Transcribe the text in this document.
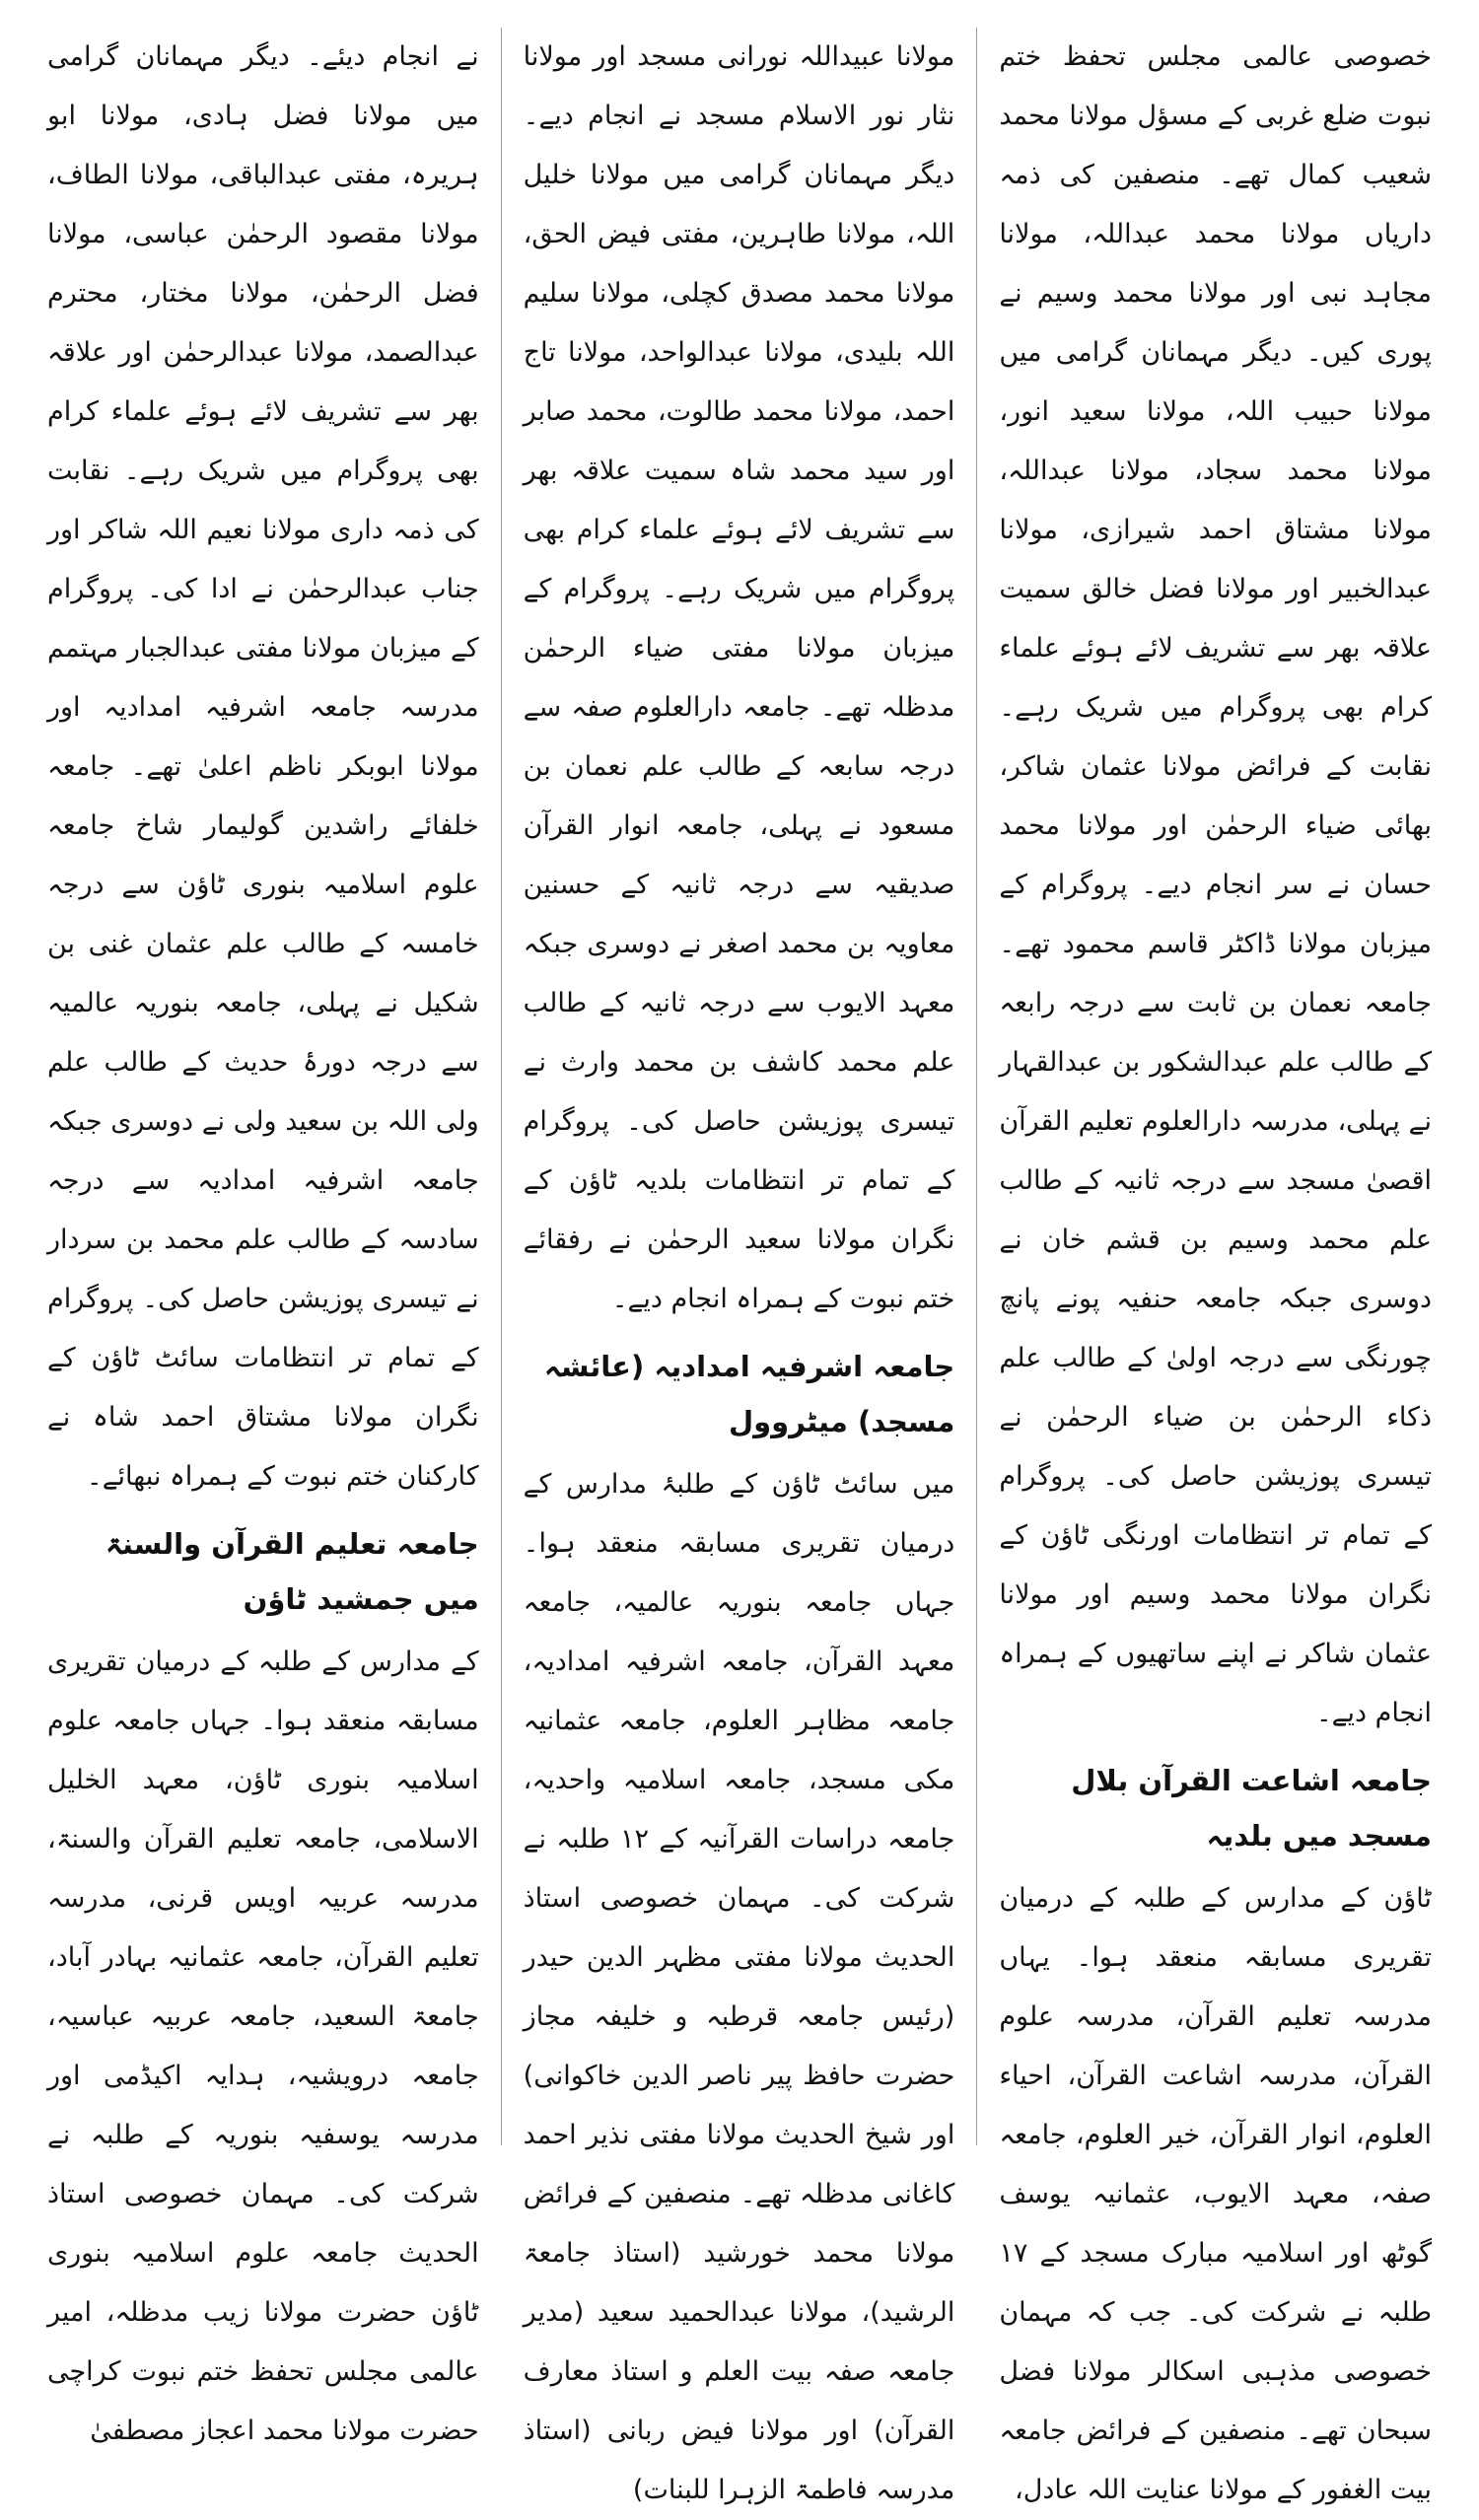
خصوصی عالمی مجلس تحفظ ختم نبوت ضلع غربی کے مسؤل مولانا محمد شعیب کمال تھے۔ منصفین کی ذمہ داریاں مولانا محمد عبداللہ، مولانا مجاہد نبی اور مولانا محمد وسیم نے پوری کیں۔ دیگر مہمانان گرامی میں مولانا حبیب اللہ، مولانا سعید انور، مولانا محمد سجاد، مولانا عبداللہ، مولانا مشتاق احمد شیرازی، مولانا عبدالخبیر اور مولانا فضل خالق سمیت علاقہ بھر سے تشریف لائے ہوئے علماء کرام بھی پروگرام میں شریک رہے۔ نقابت کے فرائض مولانا عثمان شاکر، بھائی ضیاء الرحمٰن اور مولانا محمد حسان نے سر انجام دیے۔ پروگرام کے میزبان مولانا ڈاکٹر قاسم محمود تھے۔ جامعہ نعمان بن ثابت سے درجہ رابعہ کے طالب علم عبدالشکور بن عبدالقہار نے پہلی، مدرسہ دارالعلوم تعلیم القرآن اقصیٰ مسجد سے درجہ ثانیہ کے طالب علم محمد وسیم بن قشم خان نے دوسری جبکہ جامعہ حنفیہ پونے پانچ چورنگی سے درجہ اولیٰ کے طالب علم ذکاء الرحمٰن بن ضیاء الرحمٰن نے تیسری پوزیشن حاصل کی۔ پروگرام کے تمام تر انتظامات اورنگی ٹاؤن کے نگران مولانا محمد وسیم اور مولانا عثمان شاکر نے اپنے ساتھیوں کے ہمراہ انجام دیے۔

جامعہ اشاعت القرآن بلال مسجد میں بلدیہ

ٹاؤن کے مدارس کے طلبہ کے درمیان تقریری مسابقہ منعقد ہوا۔ یہاں مدرسہ تعلیم القرآن، مدرسہ علوم القرآن، مدرسہ اشاعت القرآن، احیاء العلوم، انوار القرآن، خیر العلوم، جامعہ صفہ، معہد الایوب، عثمانیہ یوسف گوٹھ اور اسلامیہ مبارک مسجد کے ۱۷ طلبہ نے شرکت کی۔ جب کہ مہمان خصوصی مذہبی اسکالر مولانا فضل سبحان تھے۔ منصفین کے فرائض جامعہ بیت الغفور کے مولانا عنایت اللہ عادل،

مولانا عبیداللہ نورانی مسجد اور مولانا نثار نور الاسلام مسجد نے انجام دیے۔ دیگر مہمانان گرامی میں مولانا خلیل اللہ، مولانا طاہرین، مفتی فیض الحق، مولانا محمد مصدق کچلی، مولانا سلیم اللہ بلیدی، مولانا عبدالواحد، مولانا تاج احمد، مولانا محمد طالوت، محمد صابر اور سید محمد شاہ سمیت علاقہ بھر سے تشریف لائے ہوئے علماء کرام بھی پروگرام میں شریک رہے۔ پروگرام کے میزبان مولانا مفتی ضیاء الرحمٰن مدظلہ تھے۔ جامعہ دارالعلوم صفہ سے درجہ سابعہ کے طالب علم نعمان بن مسعود نے پہلی، جامعہ انوار القرآن صدیقیہ سے درجہ ثانیہ کے حسنین معاویہ بن محمد اصغر نے دوسری جبکہ معہد الایوب سے درجہ ثانیہ کے طالب علم محمد کاشف بن محمد وارث نے تیسری پوزیشن حاصل کی۔ پروگرام کے تمام تر انتظامات بلدیہ ٹاؤن کے نگران مولانا سعید الرحمٰن نے رفقائے ختم نبوت کے ہمراہ انجام دیے۔

جامعہ اشرفیہ امدادیہ (عائشہ مسجد) میٹروول

میں سائٹ ٹاؤن کے طلبۂ مدارس کے درمیان تقریری مسابقہ منعقد ہوا۔ جہاں جامعہ بنوریہ عالمیہ، جامعہ معہد القرآن، جامعہ اشرفیہ امدادیہ، جامعہ مظاہر العلوم، جامعہ عثمانیہ مکی مسجد، جامعہ اسلامیہ واحدیہ، جامعہ دراسات القرآنیہ کے ۱۲ طلبہ نے شرکت کی۔ مہمان خصوصی استاذ الحدیث مولانا مفتی مظہر الدین حیدر (رئیس جامعہ قرطبہ و خلیفہ مجاز حضرت حافظ پیر ناصر الدین خاکوانی) اور شیخ الحدیث مولانا مفتی نذیر احمد کاغانی مدظلہ تھے۔ منصفین کے فرائض مولانا محمد خورشید (استاذ جامعۃ الرشید)، مولانا عبدالحمید سعید (مدیر جامعہ صفہ بیت العلم و استاذ معارف القرآن) اور مولانا فیض ربانی (استاذ مدرسہ فاطمۃ الزہرا للبنات)

نے انجام دیئے۔ دیگر مہمانان گرامی میں مولانا فضل ہادی، مولانا ابو ہریرہ، مفتی عبدالباقی، مولانا الطاف، مولانا مقصود الرحمٰن عباسی، مولانا فضل الرحمٰن، مولانا مختار، محترم عبدالصمد، مولانا عبدالرحمٰن اور علاقہ بھر سے تشریف لائے ہوئے علماء کرام بھی پروگرام میں شریک رہے۔ نقابت کی ذمہ داری مولانا نعیم اللہ شاکر اور جناب عبدالرحمٰن نے ادا کی۔ پروگرام کے میزبان مولانا مفتی عبدالجبار مہتمم مدرسہ جامعہ اشرفیہ امدادیہ اور مولانا ابوبکر ناظم اعلیٰ تھے۔ جامعہ خلفائے راشدین گولیمار شاخ جامعہ علوم اسلامیہ بنوری ٹاؤن سے درجہ خامسہ کے طالب علم عثمان غنی بن شکیل نے پہلی، جامعہ بنوریہ عالمیہ سے درجہ دورۂ حدیث کے طالب علم ولی اللہ بن سعید ولی نے دوسری جبکہ جامعہ اشرفیہ امدادیہ سے درجہ سادسہ کے طالب علم محمد بن سردار نے تیسری پوزیشن حاصل کی۔ پروگرام کے تمام تر انتظامات سائٹ ٹاؤن کے نگران مولانا مشتاق احمد شاہ نے کارکنان ختم نبوت کے ہمراہ نبھائے۔

جامعہ تعلیم القرآن والسنۃ میں جمشید ٹاؤن

کے مدارس کے طلبہ کے درمیان تقریری مسابقہ منعقد ہوا۔ جہاں جامعہ علوم اسلامیہ بنوری ٹاؤن، معہد الخلیل الاسلامی، جامعہ تعلیم القرآن والسنۃ، مدرسہ عربیہ اویس قرنی، مدرسہ تعلیم القرآن، جامعہ عثمانیہ بہادر آباد، جامعۃ السعید، جامعہ عربیہ عباسیہ، جامعہ درویشیہ، ہدایہ اکیڈمی اور مدرسہ یوسفیہ بنوریہ کے طلبہ نے شرکت کی۔ مہمان خصوصی استاذ الحدیث جامعہ علوم اسلامیہ بنوری ٹاؤن حضرت مولانا زیب مدظلہ، امیر عالمی مجلس تحفظ ختم نبوت کراچی حضرت مولانا محمد اعجاز مصطفیٰ
